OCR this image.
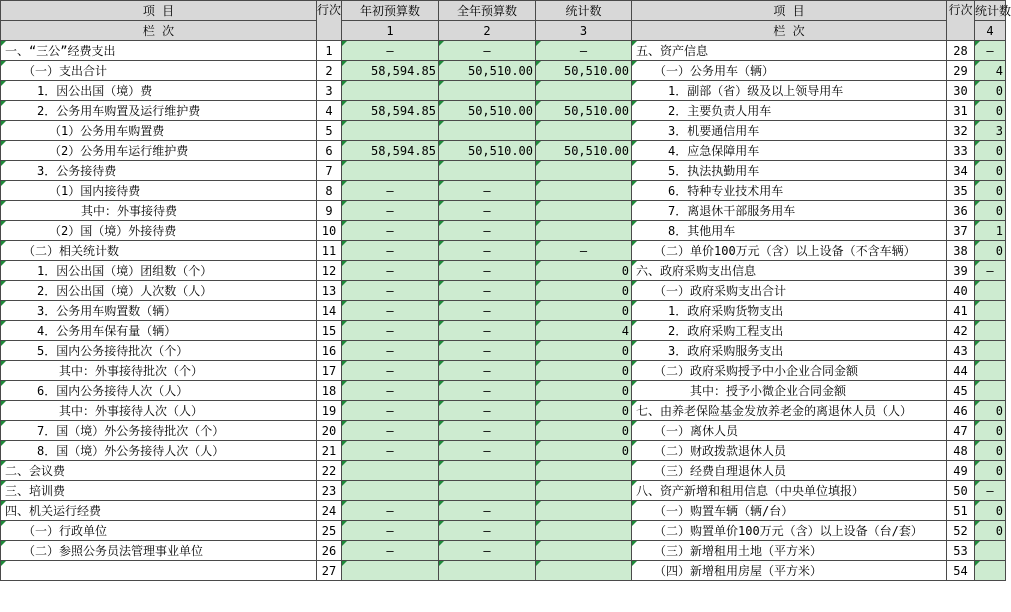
项 目	行次	年初预算数	全年预算数	统计数	项 目	行次	统计数
栏 次		1	2	3	栏 次		4
一、“三公”经费支出	1	—	—	—	五、资产信息	28	—
（一）支出合计	2	58,594.85	50,510.00	50,510.00	（一）公务用车（辆）	29	4
1．因公出国（境）费	3				1．副部（省）级及以上领导用车	30	0
2．公务用车购置及运行维护费	4	58,594.85	50,510.00	50,510.00	2．主要负责人用车	31	0
（1）公务用车购置费	5				3．机要通信用车	32	3
（2）公务用车运行维护费	6	58,594.85	50,510.00	50,510.00	4．应急保障用车	33	0
3．公务接待费	7				5．执法执勤用车	34	0
（1）国内接待费	8	—	—		6．特种专业技术用车	35	0
其中：外事接待费	9	—	—		7．离退休干部服务用车	36	0
（2）国（境）外接待费	10	—	—		8．其他用车	37	1
（二）相关统计数	11	—	—	—	（二）单价100万元（含）以上设备（不含车辆）	38	0
1．因公出国（境）团组数（个）	12	—	—	0	六、政府采购支出信息	39	—
2．因公出国（境）人次数（人）	13	—	—	0	（一）政府采购支出合计	40	
3．公务用车购置数（辆）	14	—	—	0	1．政府采购货物支出	41	
4．公务用车保有量（辆）	15	—	—	4	2．政府采购工程支出	42	
5．国内公务接待批次（个）	16	—	—	0	3．政府采购服务支出	43	
其中：外事接待批次（个）	17	—	—	0	（二）政府采购授予中小企业合同金额	44	
6．国内公务接待人次（人）	18	—	—	0	其中：授予小微企业合同金额	45	
其中：外事接待人次（人）	19	—	—	0	七、由养老保险基金发放养老金的离退休人员（人）	46	0
7．国（境）外公务接待批次（个）	20	—	—	0	（一）离休人员	47	0
8．国（境）外公务接待人次（人）	21	—	—	0	（二）财政拨款退休人员	48	0
二、会议费	22				（三）经费自理退休人员	49	0
三、培训费	23				八、资产新增和租用信息（中央单位填报）	50	—
四、机关运行经费	24	—	—		（一）购置车辆（辆/台）	51	0
（一）行政单位	25	—	—		（二）购置单价100万元（含）以上设备（台/套）	52	0
（二）参照公务员法管理事业单位	26	—	—		（三）新增租用土地（平方米）	53	
	27				（四）新增租用房屋（平方米）	54	
